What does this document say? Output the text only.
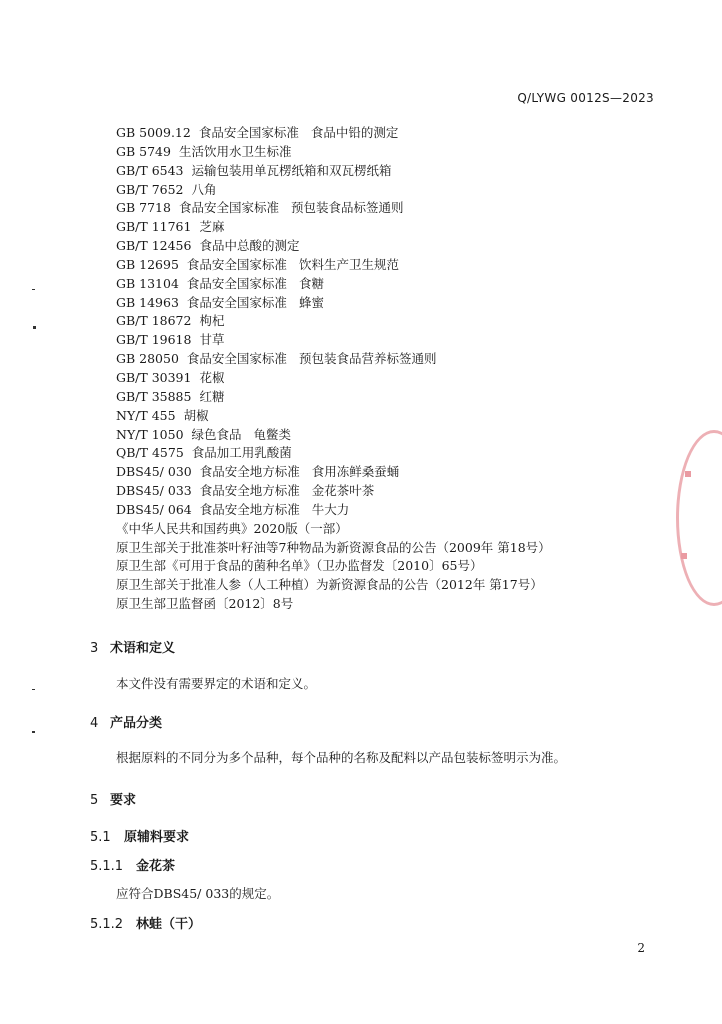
Q/LYWG 0012S—2023
GB 5009.12 食品安全国家标准 食品中铅的测定
GB 5749 生活饮用水卫生标准
GB/T 6543 运输包装用单瓦楞纸箱和双瓦楞纸箱
GB/T 7652 八角
GB 7718 食品安全国家标准 预包装食品标签通则
GB/T 11761 芝麻
GB/T 12456 食品中总酸的测定
GB 12695 食品安全国家标准 饮料生产卫生规范
GB 13104 食品安全国家标准 食糖
GB 14963 食品安全国家标准 蜂蜜
GB/T 18672 枸杞
GB/T 19618 甘草
GB 28050 食品安全国家标准 预包装食品营养标签通则
GB/T 30391 花椒
GB/T 35885 红糖
NY/T 455 胡椒
NY/T 1050 绿色食品 龟鳖类
QB/T 4575 食品加工用乳酸菌
DBS45/ 030 食品安全地方标准 食用冻鲜桑蚕蛹
DBS45/ 033 食品安全地方标准 金花茶叶茶
DBS45/ 064 食品安全地方标准 牛大力
《中华人民共和国药典》2020版（一部）
原卫生部关于批准茶叶籽油等7种物品为新资源食品的公告（2009年 第18号）
原卫生部《可用于食品的菌种名单》（卫办监督发〔2010〕65号）
原卫生部关于批准人参（人工种植）为新资源食品的公告（2012年 第17号）
原卫生部卫监督函〔2012〕8号
3 术语和定义
本文件没有需要界定的术语和定义。
4 产品分类
根据原料的不同分为多个品种，每个品种的名称及配料以产品包装标签明示为准。
5 要求
5.1 原辅料要求
5.1.1 金花茶
应符合DBS45/ 033的规定。
5.1.2 林蛙（干）
2
